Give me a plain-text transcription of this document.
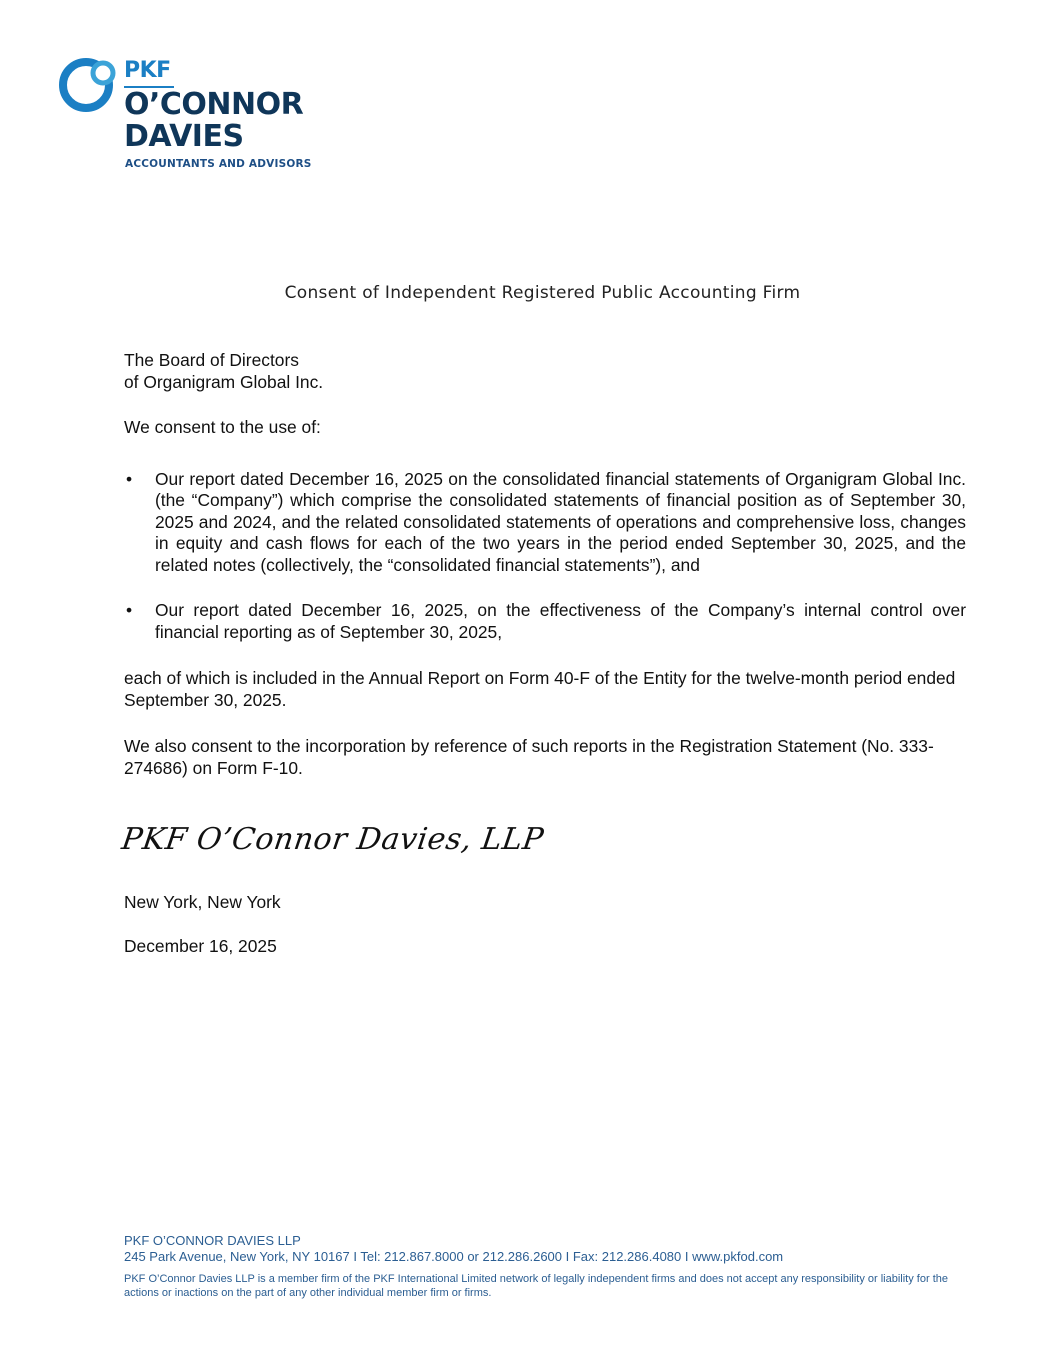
PKF
O’CONNOR
DAVIES
ACCOUNTANTS AND ADVISORS
Consent of Independent Registered Public Accounting Firm

The Board of Directors
of Organigram Global Inc.

We consent to the use of:

• Our report dated December 16, 2025 on the consolidated financial statements of Organigram Global Inc. (the “Company”) which comprise the consolidated statements of financial position as of September 30, 2025 and 2024, and the related consolidated statements of operations and comprehensive loss, changes in equity and cash flows for each of the two years in the period ended September 30, 2025, and the related notes (collectively, the “consolidated financial statements”), and
• Our report dated December 16, 2025, on the effectiveness of the Company’s internal control over financial reporting as of September 30, 2025,

each of which is included in the Annual Report on Form 40-F of the Entity for the twelve-month period ended September 30, 2025.

We also consent to the incorporation by reference of such reports in the Registration Statement (No. 333-274686) on Form F-10.

PKF O’Connor Davies, LLP
New York, New York
December 16, 2025
PKF O’CONNOR DAVIES LLP
245 Park Avenue, New York, NY 10167 I Tel: 212.867.8000 or 212.286.2600 I Fax: 212.286.4080 I www.pkfod.com
PKF O’Connor Davies LLP is a member firm of the PKF International Limited network of legally independent firms and does not accept any responsibility or liability for the actions or inactions on the part of any other individual member firm or firms.
